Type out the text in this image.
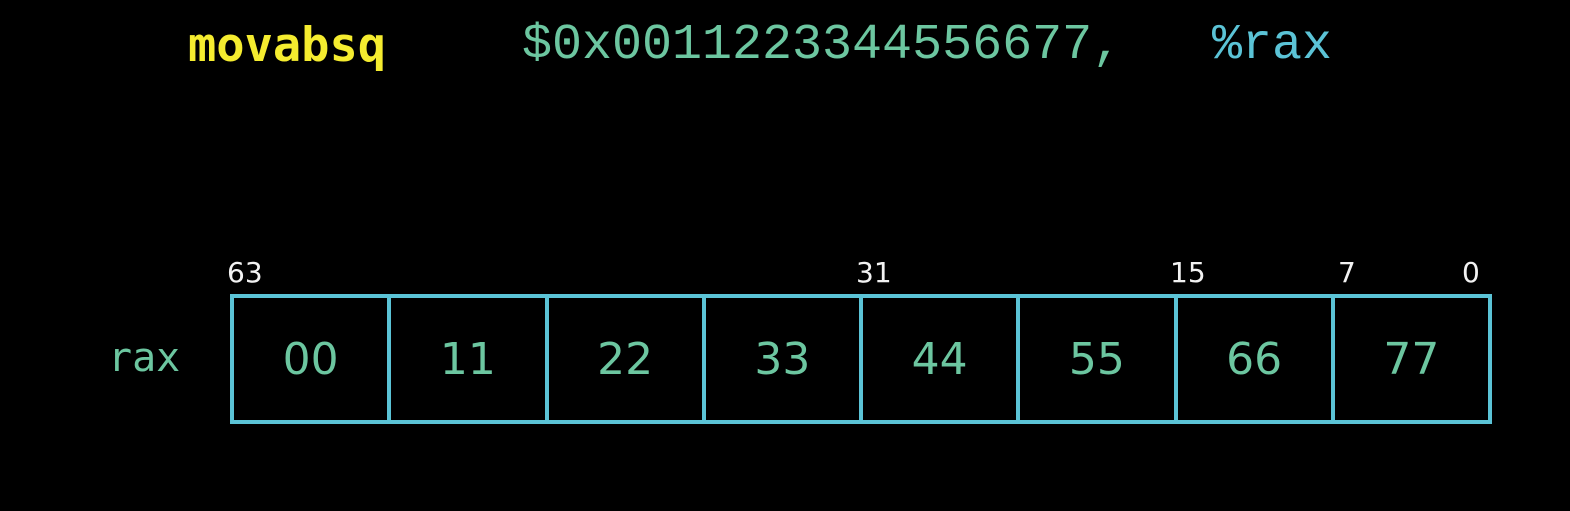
movabsq	$0x0011223344556677, %rax
63	31	15	7	0
rax	00	11	22	33	44	55	66	77
